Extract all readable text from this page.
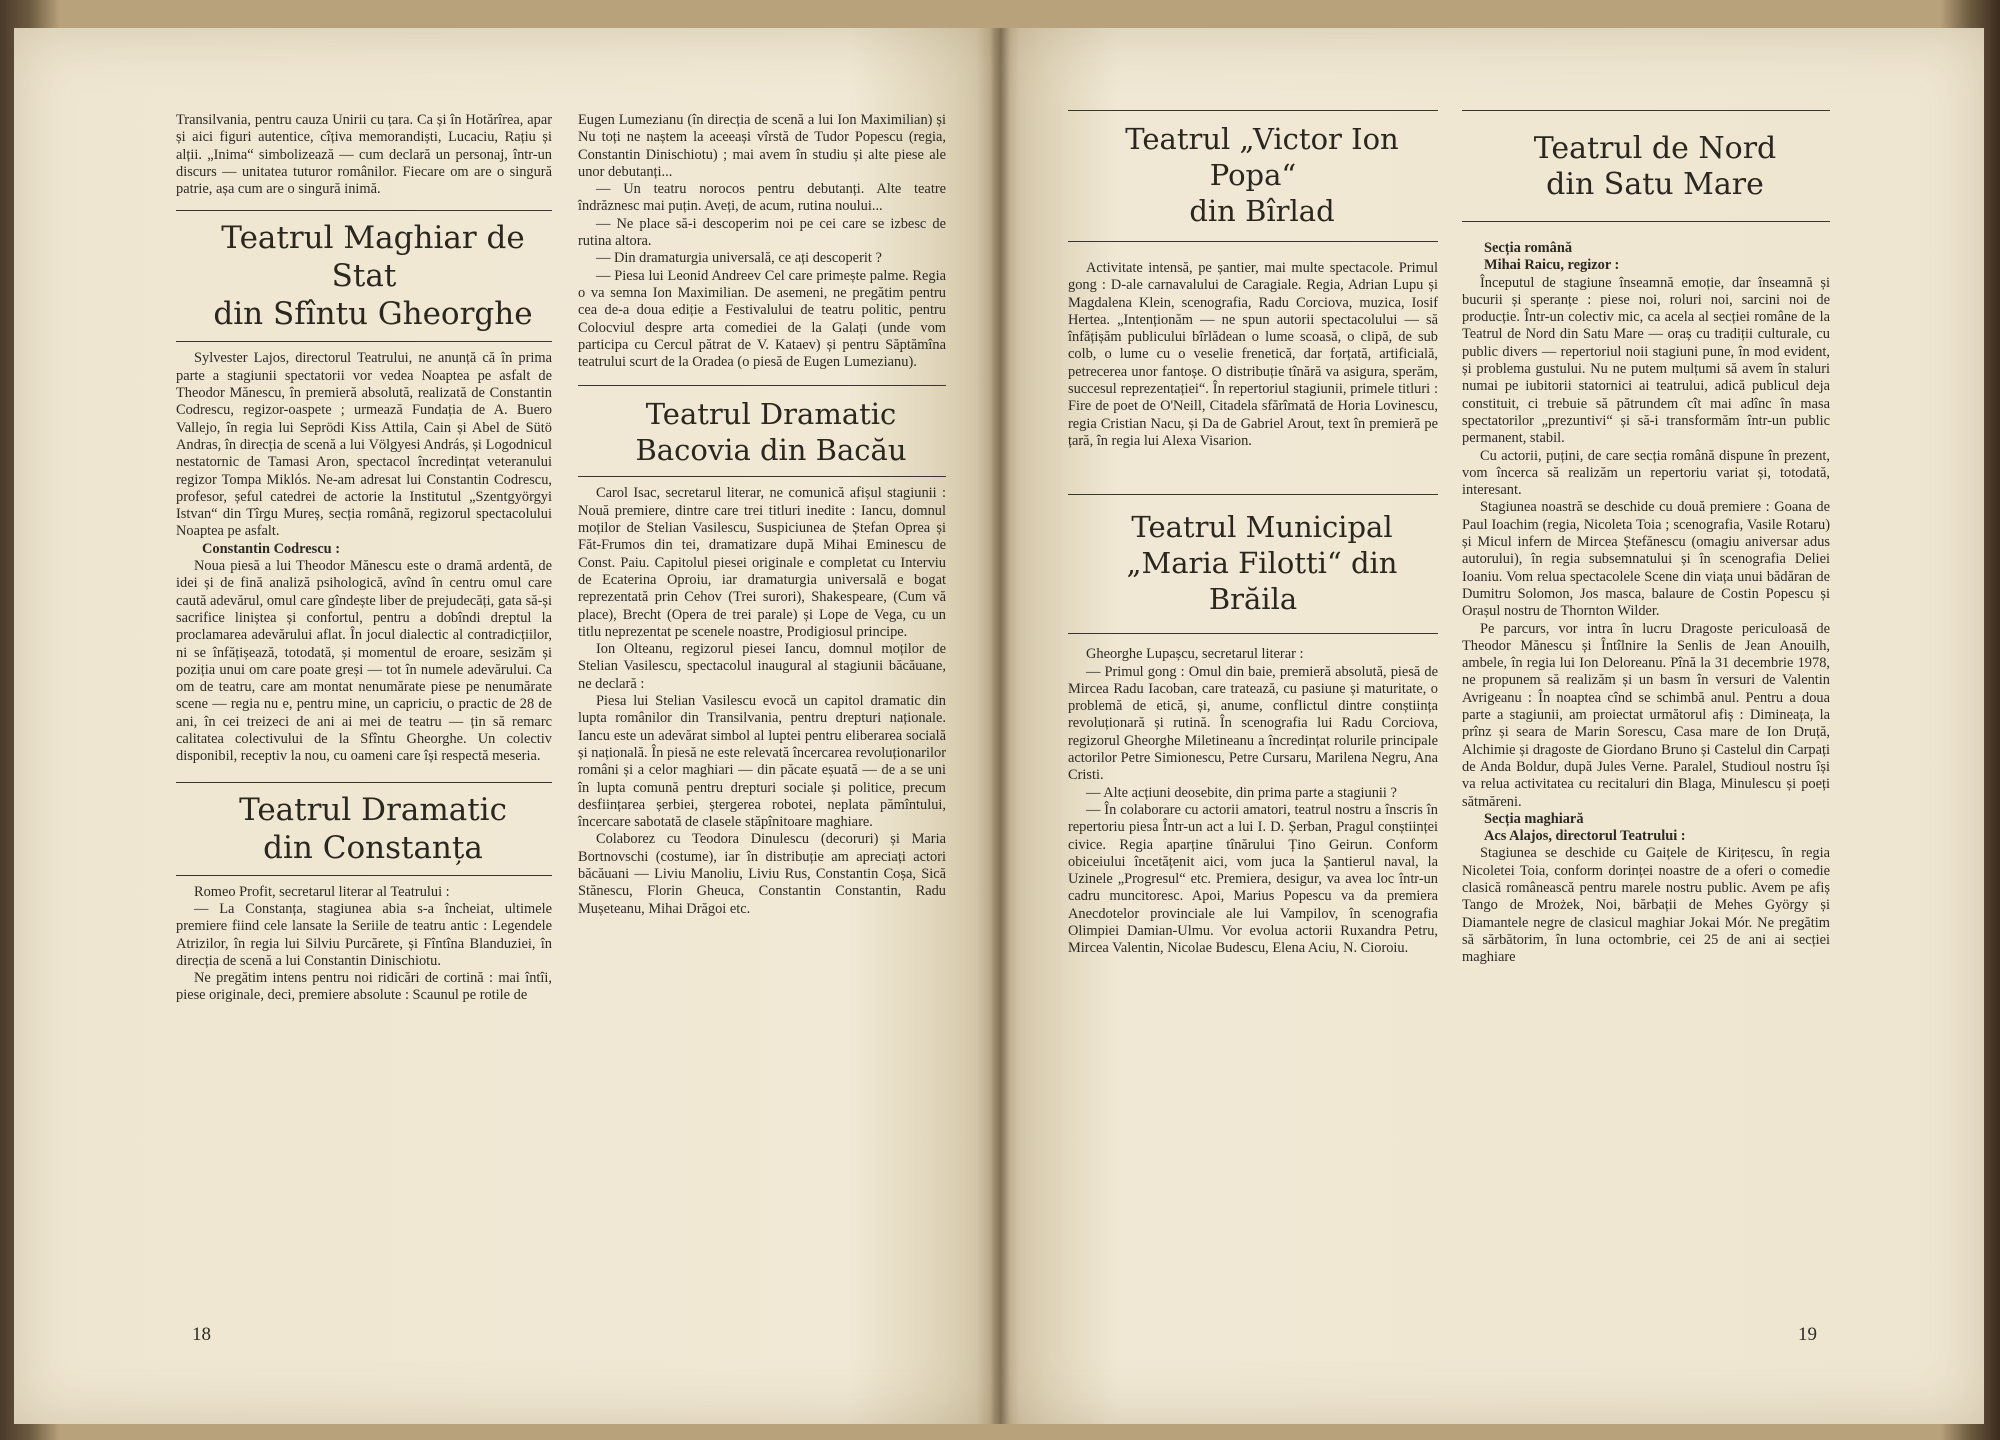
Transilvania, pentru cauza Unirii cu țara. Ca și în Hotărîrea, apar și aici figuri autentice, cîțiva memorandiști, Lucaciu, Rațiu și alții. „Inima“ simbolizează — cum declară un personaj, într-un discurs — unitatea tuturor românilor. Fiecare om are o singură patrie, așa cum are o singură inimă.

Teatrul Maghiar de Stat

din Sfîntu Gheorghe

Sylvester Lajos, directorul Teatrului, ne anunță că în prima parte a stagiunii spectatorii vor vedea Noaptea pe asfalt de Theodor Mănescu, în premieră absolută, realizată de Constantin Codrescu, regizor-oaspete ; urmează Fundația de A. Buero Vallejo, în regia lui Seprödi Kiss Attila, Cain și Abel de Sütö Andras, în direcția de scenă a lui Völgyesi András, și Logodnicul nestatornic de Tamasi Aron, spectacol încredințat veteranului regizor Tompa Miklós. Ne-am adresat lui Constantin Codrescu, profesor, șeful catedrei de actorie la Institutul „Szentgyörgyi Istvan“ din Tîrgu Mureș, secția română, regizorul spectacolului Noaptea pe asfalt.

Constantin Codrescu :

Noua piesă a lui Theodor Mănescu este o dramă ardentă, de idei și de fină analiză psihologică, avînd în centru omul care caută adevărul, omul care gîndește liber de prejudecăți, gata să-și sacrifice liniștea și confortul, pentru a dobîndi dreptul la proclamarea adevărului aflat. În jocul dialectic al contradicțiilor, ni se înfățișează, totodată, și momentul de eroare, sesizăm și poziția unui om care poate greși — tot în numele adevărului. Ca om de teatru, care am montat nenumărate piese pe nenumărate scene — regia nu e, pentru mine, un capriciu, o practic de 28 de ani, în cei treizeci de ani ai mei de teatru — țin să remarc calitatea colectivului de la Sfîntu Gheorghe. Un colectiv disponibil, receptiv la nou, cu oameni care își respectă meseria.

Teatrul Dramatic

din Constanța

Romeo Profit, secretarul literar al Teatrului :

— La Constanța, stagiunea abia s-a încheiat, ultimele premiere fiind cele lansate la Seriile de teatru antic : Legendele Atrizilor, în regia lui Silviu Purcărete, și Fîntîna Blanduziei, în direcția de scenă a lui Constantin Dinischiotu.

Ne pregătim intens pentru noi ridicări de cortină : mai întîi, piese originale, deci, premiere absolute : Scaunul pe rotile de

Eugen Lumezianu (în direcția de scenă a lui Ion Maximilian) și Nu toți ne naștem la aceeași vîrstă de Tudor Popescu (regia, Constantin Dinischiotu) ; mai avem în studiu și alte piese ale unor debutanți...

— Un teatru norocos pentru debutanți. Alte teatre îndrăznesc mai puțin. Aveți, de acum, rutina noului...

— Ne place să-i descoperim noi pe cei care se izbesc de rutina altora.

— Din dramaturgia universală, ce ați descoperit ?

— Piesa lui Leonid Andreev Cel care primește palme. Regia o va semna Ion Maximilian. De asemeni, ne pregătim pentru cea de-a doua ediție a Festivalului de teatru politic, pentru Colocviul despre arta comediei de la Galați (unde vom participa cu Cercul pătrat de V. Kataev) și pentru Săptămîna teatrului scurt de la Oradea (o piesă de Eugen Lumezianu).

Teatrul Dramatic

Bacovia din Bacău

Carol Isac, secretarul literar, ne comunică afișul stagiunii : Nouă premiere, dintre care trei titluri inedite : Iancu, domnul moților de Stelian Vasilescu, Suspiciunea de Ștefan Oprea și Făt-Frumos din tei, dramatizare după Mihai Eminescu de Const. Paiu. Capitolul piesei originale e completat cu Interviu de Ecaterina Oproiu, iar dramaturgia universală e bogat reprezentată prin Cehov (Trei surori), Shakespeare, (Cum vă place), Brecht (Opera de trei parale) și Lope de Vega, cu un titlu neprezentat pe scenele noastre, Prodigiosul principe.

Ion Olteanu, regizorul piesei Iancu, domnul moților de Stelian Vasilescu, spectacolul inaugural al stagiunii băcăuane, ne declară :

Piesa lui Stelian Vasilescu evocă un capitol dramatic din lupta românilor din Transilvania, pentru drepturi naționale. Iancu este un adevărat simbol al luptei pentru eliberarea socială și națională. În piesă ne este relevată încercarea revoluționarilor români și a celor maghiari — din păcate eșuată — de a se uni în lupta comună pentru drepturi sociale și politice, precum desființarea șerbiei, ștergerea robotei, neplata pămîntului, încercare sabotată de clasele stăpînitoare maghiare.

Colaborez cu Teodora Dinulescu (decoruri) și Maria Bortnovschi (costume), iar în distribuție am apreciați actori băcăuani — Liviu Manoliu, Liviu Rus, Constantin Coșa, Sică Stănescu, Florin Gheuca, Constantin Constantin, Radu Mușeteanu, Mihai Drăgoi etc.

18

Teatrul „Victor Ion Popa“

din Bîrlad

Activitate intensă, pe șantier, mai multe spectacole. Primul gong : D-ale carnavalului de Caragiale. Regia, Adrian Lupu și Magdalena Klein, scenografia, Radu Corciova, muzica, Iosif Hertea. „Intenționăm — ne spun autorii spectacolului — să înfățișăm publicului bîrlădean o lume scoasă, o clipă, de sub colb, o lume cu o veselie frenetică, dar forțată, artificială, petrecerea unor fantoșe. O distribuție tînără va asigura, sperăm, succesul reprezentației“. În repertoriul stagiunii, primele titluri : Fire de poet de O'Neill, Citadela sfărîmată de Horia Lovinescu, regia Cristian Nacu, și Da de Gabriel Arout, text în premieră pe țară, în regia lui Alexa Visarion.

Teatrul Municipal

„Maria Filotti“ din Brăila

Gheorghe Lupașcu, secretarul literar :

— Primul gong : Omul din baie, premieră absolută, piesă de Mircea Radu Iacoban, care tratează, cu pasiune și maturitate, o problemă de etică, și, anume, conflictul dintre conștiința revoluționară și rutină. În scenografia lui Radu Corciova, regizorul Gheorghe Miletineanu a încredințat rolurile principale actorilor Petre Simionescu, Petre Cursaru, Marilena Negru, Ana Cristi.

— Alte acțiuni deosebite, din prima parte a stagiunii ?

— În colaborare cu actorii amatori, teatrul nostru a înscris în repertoriu piesa Într-un act a lui I. D. Șerban, Pragul conștiinței civice. Regia aparține tînărului Țino Geirun. Conform obiceiului încetățenit aici, vom juca la Șantierul naval, la Uzinele „Progresul“ etc. Premiera, desigur, va avea loc într-un cadru muncitoresc. Apoi, Marius Popescu va da premiera Anecdotelor provinciale ale lui Vampilov, în scenografia Olimpiei Damian-Ulmu. Vor evolua actorii Ruxandra Petru, Mircea Valentin, Nicolae Budescu, Elena Aciu, N. Cioroiu.

Teatrul de Nord

din Satu Mare

Secția română

Mihai Raicu, regizor :

Începutul de stagiune înseamnă emoție, dar înseamnă și bucurii și speranțe : piese noi, roluri noi, sarcini noi de producție. Într-un colectiv mic, ca acela al secției române de la Teatrul de Nord din Satu Mare — oraș cu tradiții culturale, cu public divers — repertoriul noii stagiuni pune, în mod evident, și problema gustului. Nu ne putem mulțumi să avem în staluri numai pe iubitorii statornici ai teatrului, adică publicul deja constituit, ci trebuie să pătrundem cît mai adînc în masa spectatorilor „prezuntivi“ și să-i transformăm într-un public permanent, stabil.

Cu actorii, puțini, de care secția română dispune în prezent, vom încerca să realizăm un repertoriu variat și, totodată, interesant.

Stagiunea noastră se deschide cu două premiere : Goana de Paul Ioachim (regia, Nicoleta Toia ; scenografia, Vasile Rotaru) și Micul infern de Mircea Ștefănescu (omagiu aniversar adus autorului), în regia subsemnatului și în scenografia Deliei Ioaniu. Vom relua spectacolele Scene din viața unui bădăran de Dumitru Solomon, Jos masca, balaure de Costin Popescu și Orașul nostru de Thornton Wilder.

Pe parcurs, vor intra în lucru Dragoste periculoasă de Theodor Mănescu și Întîlnire la Senlis de Jean Anouilh, ambele, în regia lui Ion Deloreanu. Pînă la 31 decembrie 1978, ne propunem să realizăm și un basm în versuri de Valentin Avrigeanu : În noaptea cînd se schimbă anul. Pentru a doua parte a stagiunii, am proiectat următorul afiș : Dimineața, la prînz și seara de Marin Sorescu, Casa mare de Ion Druță, Alchimie și dragoste de Giordano Bruno și Castelul din Carpați de Anda Boldur, după Jules Verne. Paralel, Studioul nostru își va relua activitatea cu recitaluri din Blaga, Minulescu și poeți sătmăreni.

Secția maghiară

Acs Alajos, directorul Teatrului :

Stagiunea se deschide cu Gaițele de Kirițescu, în regia Nicoletei Toia, conform dorinței noastre de a oferi o comedie clasică românească pentru marele nostru public. Avem pe afiș Tango de Mrożek, Noi, bărbații de Mehes György și Diamantele negre de clasicul maghiar Jokai Mór. Ne pregătim să sărbătorim, în luna octombrie, cei 25 de ani ai secției maghiare

19
